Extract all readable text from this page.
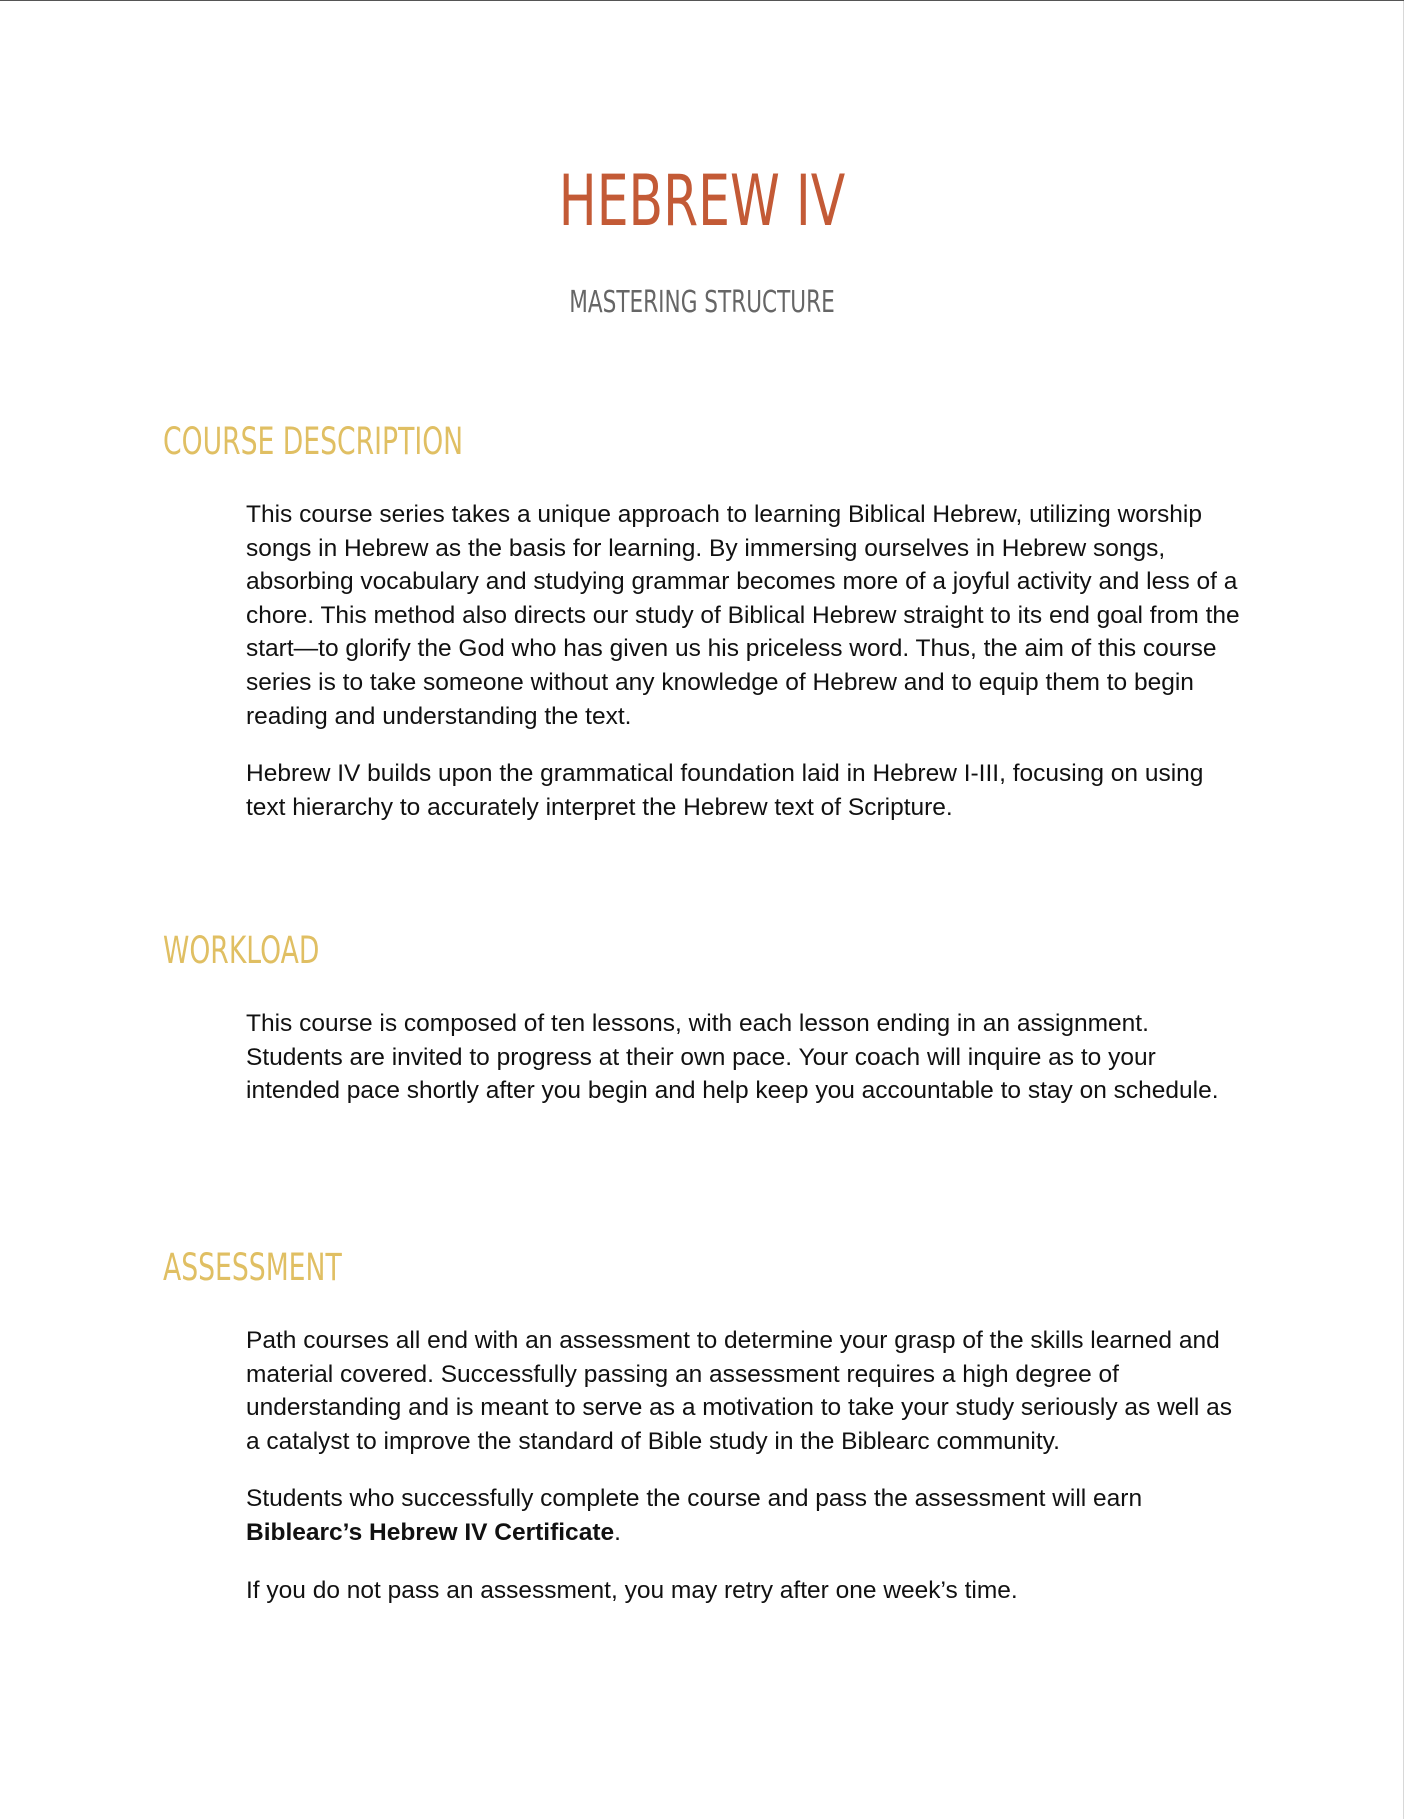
HEBREW IV
MASTERING STRUCTURE
COURSE DESCRIPTION

This course series takes a unique approach to learning Biblical Hebrew, utilizing worship songs in Hebrew as the basis for learning. By immersing ourselves in Hebrew songs, absorbing vocabulary and studying grammar becomes more of a joyful activity and less of a chore. This method also directs our study of Biblical Hebrew straight to its end goal from the start—to glorify the God who has given us his priceless word. Thus, the aim of this course series is to take someone without any knowledge of Hebrew and to equip them to begin reading and understanding the text.

Hebrew IV builds upon the grammatical foundation laid in Hebrew I-III, focusing on using text hierarchy to accurately interpret the Hebrew text of Scripture.

WORKLOAD

This course is composed of ten lessons, with each lesson ending in an assignment. Students are invited to progress at their own pace. Your coach will inquire as to your intended pace shortly after you begin and help keep you accountable to stay on schedule.

ASSESSMENT

Path courses all end with an assessment to determine your grasp of the skills learned and material covered. Successfully passing an assessment requires a high degree of understanding and is meant to serve as a motivation to take your study seriously as well as a catalyst to improve the standard of Bible study in the Biblearc community.

Students who successfully complete the course and pass the assessment will earn Biblearc’s Hebrew IV Certificate.

If you do not pass an assessment, you may retry after one week’s time.
